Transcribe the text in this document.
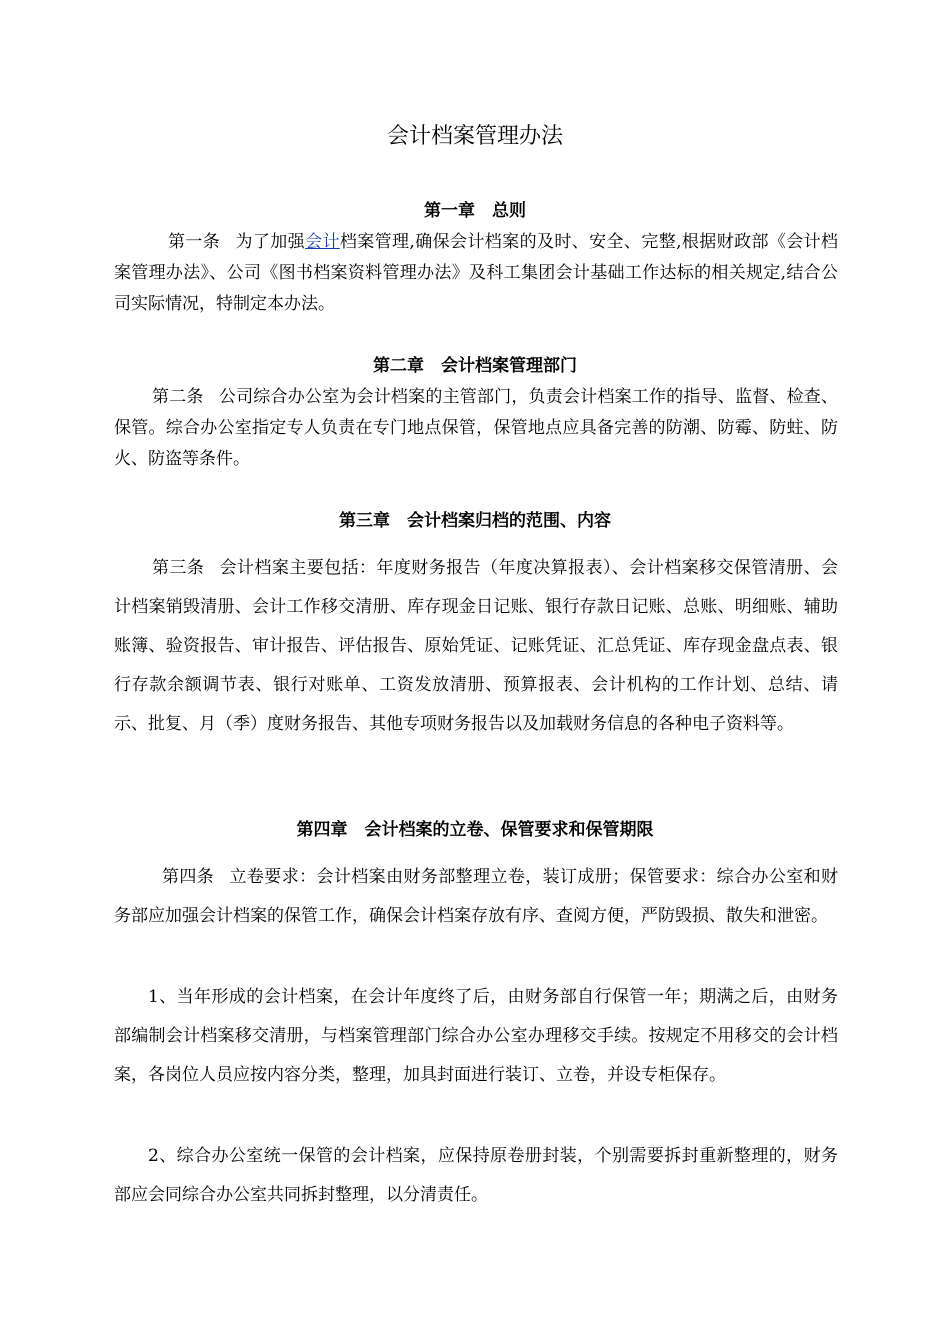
会计档案管理办法
第一章　总则

第一条 为了加强会计档案管理,确保会计档案的及时、安全、完整,根据财政部《会计档案管理办法》、公司《图书档案资料管理办法》及科工集团会计基础工作达标的相关规定,结合公司实际情况，特制定本办法。

第二章　会计档案管理部门

第二条 公司综合办公室为会计档案的主管部门，负责会计档案工作的指导、监督、检查、保管。综合办公室指定专人负责在专门地点保管，保管地点应具备完善的防潮、防霉、防蛀、防火、防盗等条件。

第三章　会计档案归档的范围、内容

第三条 会计档案主要包括：年度财务报告（年度决算报表）、会计档案移交保管清册、会计档案销毁清册、会计工作移交清册、库存现金日记账、银行存款日记账、总账、明细账、辅助账簿、验资报告、审计报告、评估报告、原始凭证、记账凭证、汇总凭证、库存现金盘点表、银行存款余额调节表、银行对账单、工资发放清册、预算报表、会计机构的工作计划、总结、请示、批复、月（季）度财务报告、其他专项财务报告以及加载财务信息的各种电子资料等。

第四章　会计档案的立卷、保管要求和保管期限

第四条 立卷要求：会计档案由财务部整理立卷，装订成册；保管要求：综合办公室和财务部应加强会计档案的保管工作，确保会计档案存放有序、查阅方便，严防毁损、散失和泄密。

1、当年形成的会计档案，在会计年度终了后，由财务部自行保管一年；期满之后，由财务部编制会计档案移交清册，与档案管理部门综合办公室办理移交手续。按规定不用移交的会计档案，各岗位人员应按内容分类，整理，加具封面进行装订、立卷，并设专柜保存。

2、综合办公室统一保管的会计档案，应保持原卷册封装，个别需要拆封重新整理的，财务部应会同综合办公室共同拆封整理，以分清责任。
